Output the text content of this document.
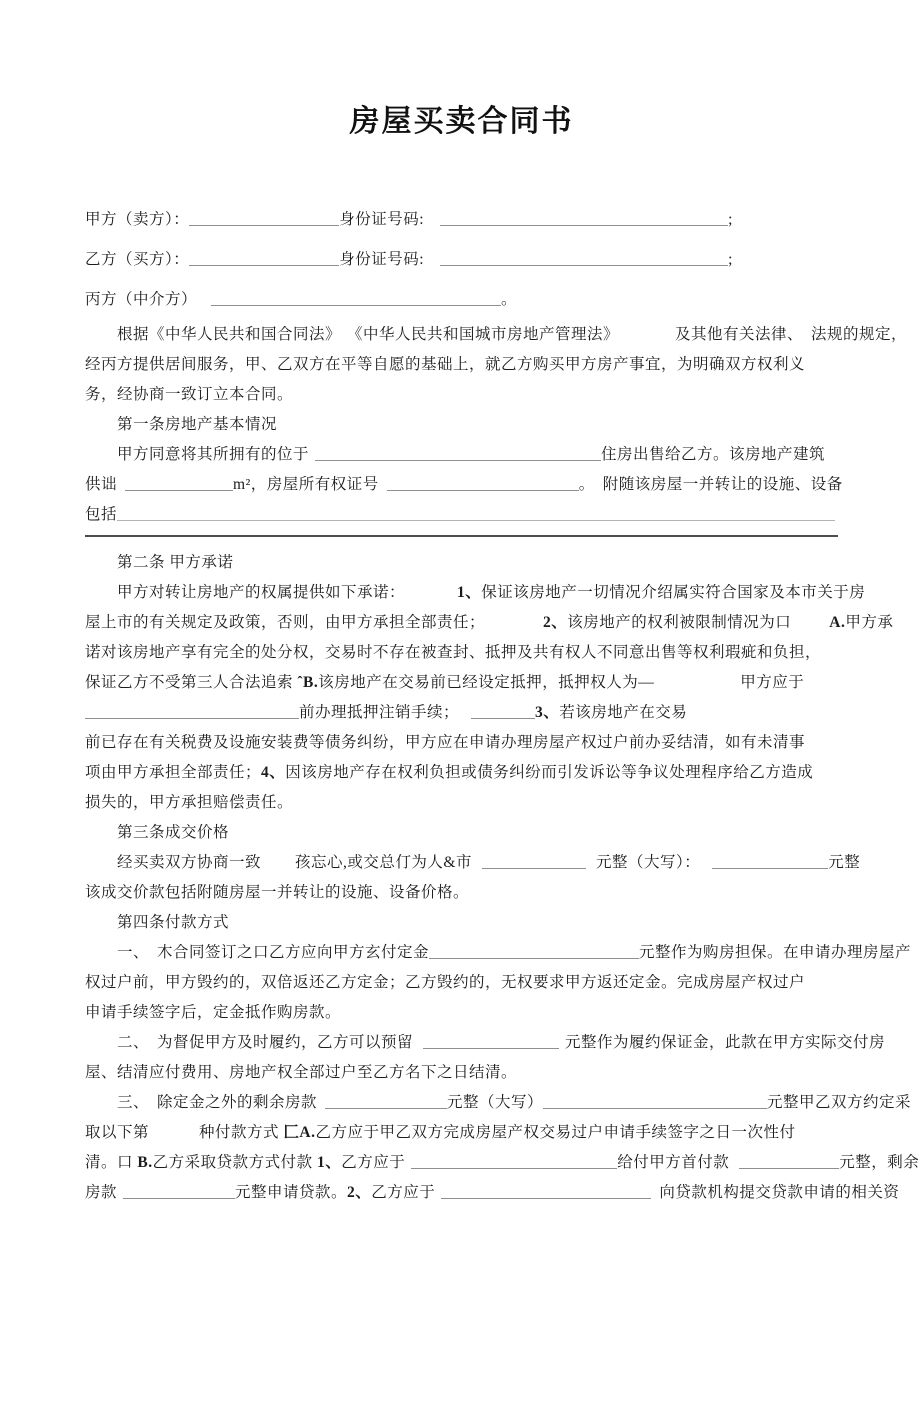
房屋买卖合同书

甲方（卖方）：	身份证号码:	;

乙方（买方）：	身份证号码:	;

丙方（中介方）	。

根据《中华人民共和国合同法》 《中华人民共和国城市房地产管理法》	及其他有关法律、 法规的规定，

经丙方提供居间服务，甲、乙双方在平等自愿的基础上，就乙方购买甲方房产事宜，为明确双方权利义

务，经协商一致订立本合同。

第一条房地产基本情况

甲方同意将其所拥有的位于	住房出售给乙方。该房地产建筑

供诎	m²，房屋所有权证号	。 附随该房屋一并转让的设施、设备

包括

第二条 甲方承诺

甲方对转让房地产的权属提供如下承诺：	1、保证该房地产一切情况介绍属实符合国家及本市关于房

屋上市的有关规定及政策，否则，由甲方承担全部责任；	2、该房地产的权利被限制情况为口 A.甲方承

诺对该房地产享有完全的处分权，交易时不存在被查封、抵押及共有权人不同意出售等权利瑕疵和负担，

保证乙方不受第三人合法追索 ˆB.该房地产在交易前已经设定抵押，抵押权人为—	甲方应于

前办理抵押注销手续；	3、若该房地产在交易

前已存在有关税费及设施安装费等债务纠纷，甲方应在申请办理房屋产权过户前办妥结清，如有未清事

项由甲方承担全部责任；4、因该房地产存在权利负担或债务纠纷而引发诉讼等争议处理程序给乙方造成

损失的，甲方承担赔偿责任。

第三条成交价格

经买卖双方协商一致 孩忘心,或交总仃为人&市	元整（大写）：	元整

该成交价款包括附随房屋一并转让的设施、设备价格。

第四条付款方式

一、 木合同签订之口乙方应向甲方玄付定金	元整作为购房担保。在申请办理房屋产

权过户前，甲方毁约的，双倍返还乙方定金；乙方毁约的，无权要求甲方返还定金。完成房屋产权过户

申请手续签字后，定金抵作购房款。

二、 为督促甲方及时履约，乙方可以预留	元整作为履约保证金，此款在甲方实际交付房

屋、结清应付费用、房地产权全部过户至乙方名下之日结清。

三、 除定金之外的剩余房款	元整（大写）	元整甲乙双方约定采

取以下第	种付款方式 匚A.乙方应于甲乙双方完成房屋产权交易过户申请手续签字之日一次性付

清。口 B.乙方采取贷款方式付款 1、乙方应于	给付甲方首付款	元整，剩余

房款	元整申请贷款。2、乙方应于	向贷款机构提交贷款申请的相关资
